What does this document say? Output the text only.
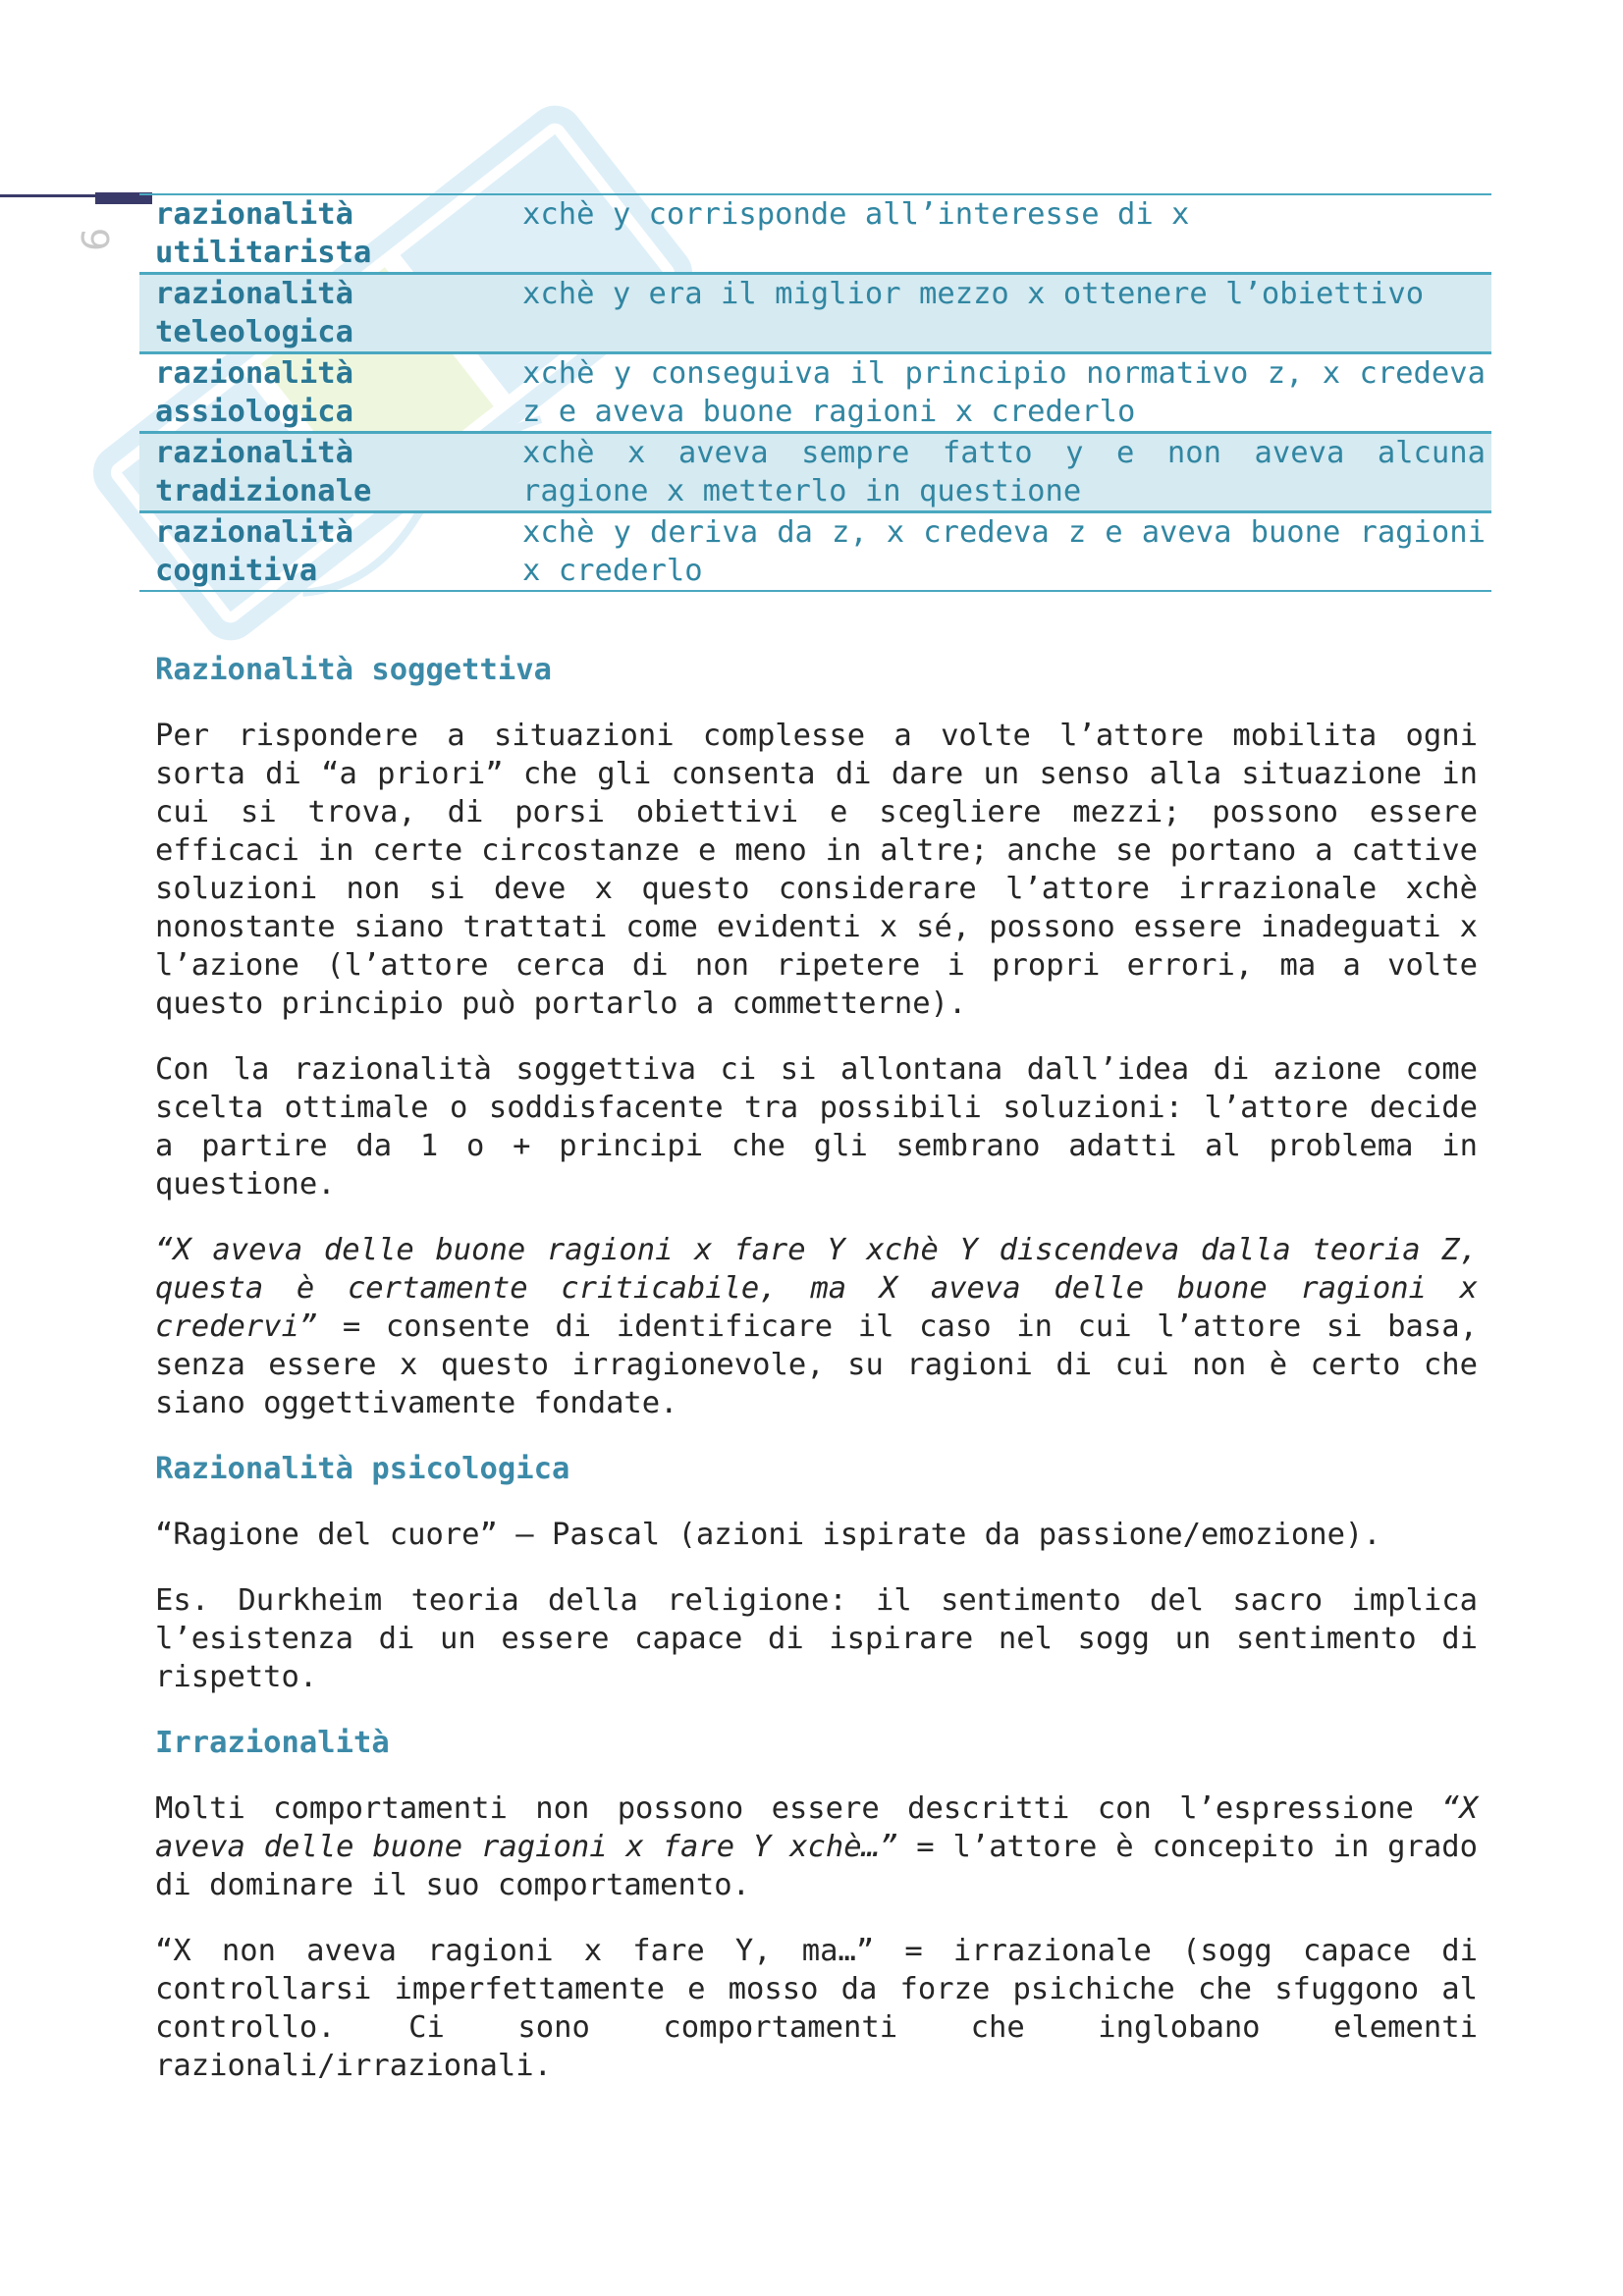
9
razionalità utilitarista	xchè y corrisponde all’interesse di x
razionalità teleologica	xchè y era il miglior mezzo x ottenere l’obiettivo
razionalità assiologica	xchè y conseguiva il principio normativo z, x credeva z e aveva buone ragioni x crederlo
razionalità tradizionale	xchè x aveva sempre fatto y e non aveva alcuna ragione x metterlo in questione
razionalità cognitiva	xchè y deriva da z, x credeva z e aveva buone ragioni x crederlo
Razionalità soggettiva

Per rispondere a situazioni complesse a volte l’attore mobilita ogni sorta di “a priori” che gli consenta di dare un senso alla situazione in cui si trova, di porsi obiettivi e scegliere mezzi; possono essere efficaci in certe circostanze e meno in altre; anche se portano a cattive soluzioni non si deve x questo considerare l’attore irrazionale xchè nonostante siano trattati come evidenti x sé, possono essere inadeguati x l’azione (l’attore cerca di non ripetere i propri errori, ma a volte questo principio può portarlo a commetterne).

Con la razionalità soggettiva ci si allontana dall’idea di azione come scelta ottimale o soddisfacente tra possibili soluzioni: l’attore decide a partire da 1 o + principi che gli sembrano adatti al problema in questione.

“X aveva delle buone ragioni x fare Y xchè Y discendeva dalla teoria Z, questa è certamente criticabile, ma X aveva delle buone ragioni x credervi” = consente di identificare il caso in cui l’attore si basa, senza essere x questo irragionevole, su ragioni di cui non è certo che siano oggettivamente fondate.

Razionalità psicologica

“Ragione del cuore” – Pascal (azioni ispirate da passione/emozione).

Es. Durkheim teoria della religione: il sentimento del sacro implica l’esistenza di un essere capace di ispirare nel sogg un sentimento di rispetto.

Irrazionalità

Molti comportamenti non possono essere descritti con l’espressione “X aveva delle buone ragioni x fare Y xchè…” = l’attore è concepito in grado di dominare il suo comportamento.

“X non aveva ragioni x fare Y, ma…” = irrazionale (sogg capace di controllarsi imperfettamente e mosso da forze psichiche che sfuggono al controllo. Ci sono comportamenti che inglobano elementi razionali/irrazionali.
